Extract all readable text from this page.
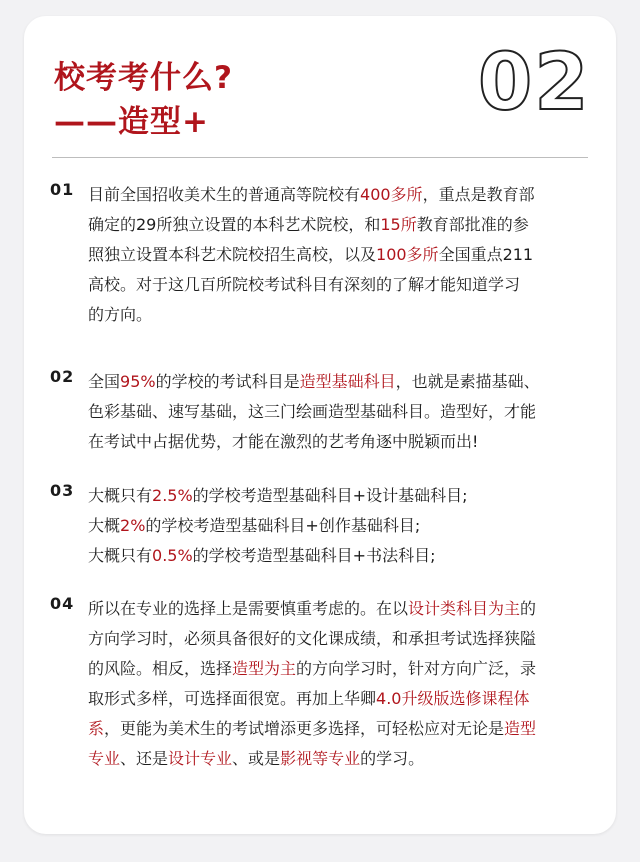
校考考什么?
——造型+	02
01 目前全国招收美术生的普通高等院校有400多所，重点是教育部
确定的29所独立设置的本科艺术院校，和15所教育部批准的参
照独立设置本科艺术院校招生高校，以及100多所全国重点211
高校。对于这几百所院校考试科目有深刻的了解才能知道学习
的方向。
02 全国95%的学校的考试科目是造型基础科目，也就是素描基础、
色彩基础、速写基础，这三门绘画造型基础科目。造型好，才能
在考试中占据优势，才能在激烈的艺考角逐中脱颖而出!
03 大概只有2.5%的学校考造型基础科目+设计基础科目;
大概2%的学校考造型基础科目+创作基础科目;
大概只有0.5%的学校考造型基础科目+书法科目;
04 所以在专业的选择上是需要慎重考虑的。在以设计类科目为主的
方向学习时，必须具备很好的文化课成绩，和承担考试选择狭隘
的风险。相反，选择造型为主的方向学习时，针对方向广泛，录
取形式多样，可选择面很宽。再加上华卿4.0升级版选修课程体
系，更能为美术生的考试增添更多选择，可轻松应对无论是造型
专业、还是设计专业、或是影视等专业的学习。
